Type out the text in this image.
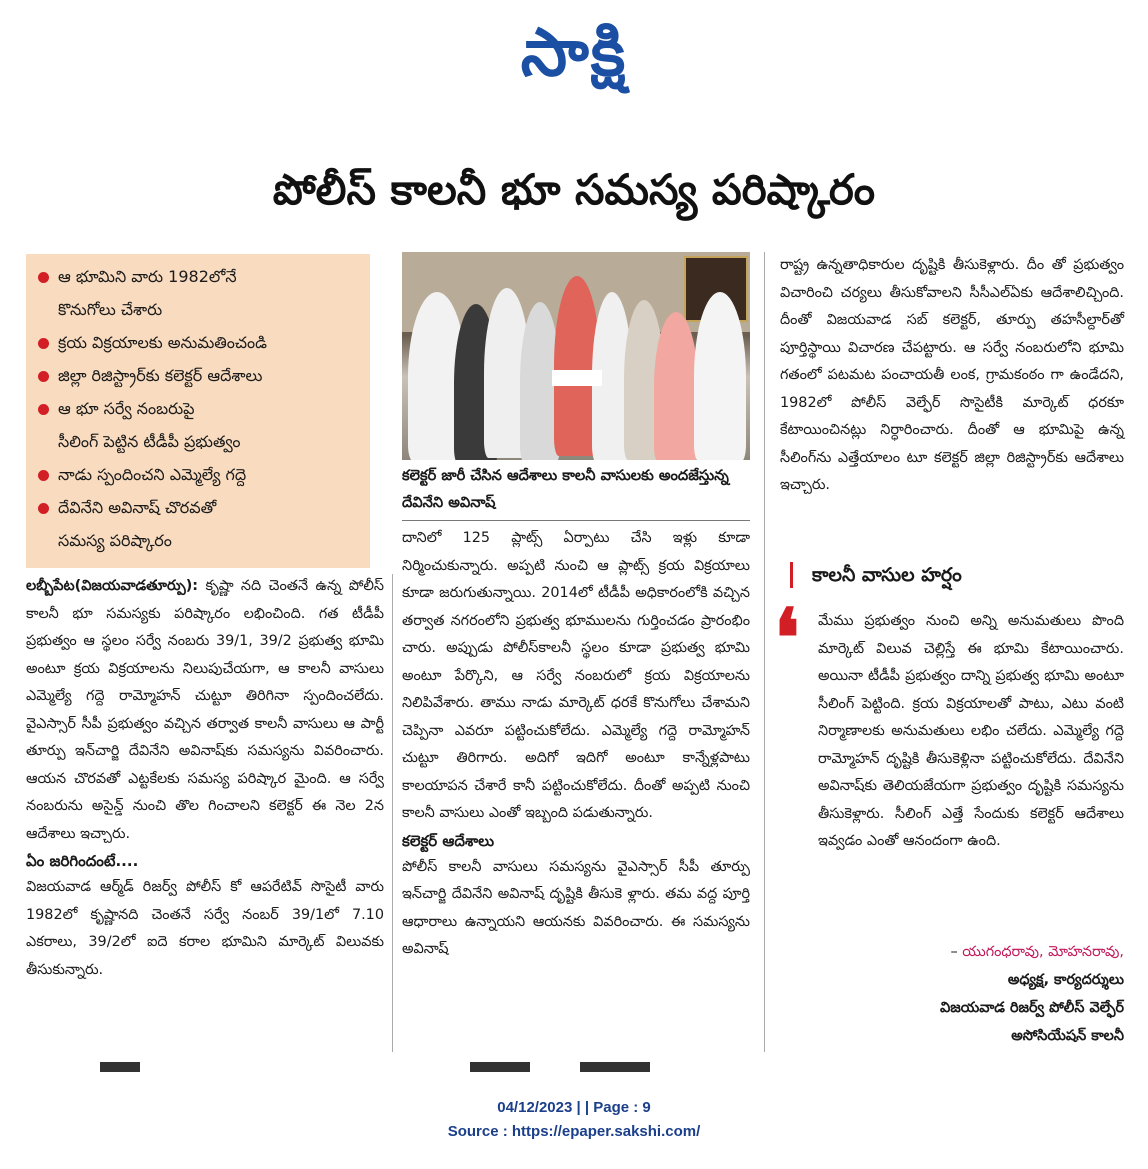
సాక్షి
పోలీస్ కాలనీ భూ సమస్య పరిష్కారం
ఆ భూమిని వారు 1982లోనే
కొనుగోలు చేశారు
క్రయ విక్రయాలకు అనుమతించండి
జిల్లా రిజిస్ట్రార్‌కు కలెక్టర్ ఆదేశాలు
ఆ భూ సర్వే నంబరుపై
సీలింగ్ పెట్టిన టీడీపీ ప్రభుత్వం
నాడు స్పందించని ఎమ్మెల్యే గద్దె
దేవినేని అవినాష్ చొరవతో
సమస్య పరిష్కారం
లబ్బీపేట(విజయవాడతూర్పు): కృష్ణా నది చెంతనే ఉన్న పోలీస్ కాలనీ భూ సమస్యకు పరిష్కారం లభించింది. గత టీడీపీ ప్రభుత్వం ఆ స్థలం సర్వే నంబరు 39/1, 39/2 ప్రభుత్వ భూమి అంటూ క్రయ విక్రయాలను నిలుపుచేయగా, ఆ కాలనీ వాసులు ఎమ్మెల్యే గద్దె రామ్మోహన్ చుట్టూ తిరిగినా స్పందించలేదు. వైఎస్సార్ సీపీ ప్రభుత్వం వచ్చిన తర్వాత కాలనీ వాసులు ఆ పార్టీ తూర్పు ఇన్‌చార్జి దేవినేని అవినాష్‌కు సమస్యను వివరించారు. ఆయన చొరవతో ఎట్టకేలకు సమస్య పరిష్కార మైంది. ఆ సర్వే నంబరును అసైన్డ్ నుంచి తొల గించాలని కలెక్టర్ ఈ నెల 2న ఆదేశాలు ఇచ్చారు.
ఏం జరిగిందంటే....
విజయవాడ ఆర్మ్‌డ్ రిజర్వ్ పోలీస్ కో ఆపరేటివ్ సొసైటీ వారు 1982లో కృష్ణానది చెంతనే సర్వే నంబర్ 39/1లో 7.10 ఎకరాలు, 39/2లో ఐదె కరాల భూమిని మార్కెట్ విలువకు తీసుకున్నారు.
కలెక్టర్ జారీ చేసిన ఆదేశాలు కాలనీ వాసులకు అందజేస్తున్న దేవినేని అవినాష్
దానిలో 125 ప్లాట్స్ ఏర్పాటు చేసి ఇళ్లు కూడా నిర్మించుకున్నారు. అప్పటి నుంచి ఆ ప్లాట్స్ క్రయ విక్రయాలు కూడా జరుగుతున్నాయి. 2014లో టీడీపీ అధికారంలోకి వచ్చిన తర్వాత నగరంలోని ప్రభుత్వ భూములను గుర్తించడం ప్రారంభిం చారు. అప్పుడు పోలీస్‌కాలనీ స్థలం కూడా ప్రభుత్వ భూమి అంటూ పేర్కొని, ఆ సర్వే నంబరులో క్రయ విక్రయాలను నిలిపివేశారు. తాము నాడు మార్కెట్ ధరకే కొనుగోలు చేశామని చెప్పినా ఎవరూ పట్టించుకోలేదు. ఎమ్మెల్యే గద్దె రామ్మోహన్ చుట్టూ తిరిగారు. అదిగో ఇదిగో అంటూ కాన్నేళ్లపాటు కాలయాపన చేశారే కానీ పట్టించుకోలేదు. దీంతో అప్పటి నుంచి కాలనీ వాసులు ఎంతో ఇబ్బంది పడుతున్నారు.
కలెక్టర్ ఆదేశాలు
పోలీస్ కాలనీ వాసులు సమస్యను వైఎస్సార్ సీపీ తూర్పు ఇన్‌చార్జి దేవినేని అవినాష్ దృష్టికి తీసుకె ళ్లారు. తమ వద్ద పూర్తి ఆధారాలు ఉన్నాయని ఆయనకు వివరించారు. ఈ సమస్యను అవినాష్
రాష్ట్ర ఉన్నతాధికారుల దృష్టికి తీసుకెళ్లారు. దీం తో ప్రభుత్వం విచారించి చర్యలు తీసుకోవాలని సీసీఎల్ఏకు ఆదేశాలిచ్చింది. దీంతో విజయవాడ సబ్ కలెక్టర్, తూర్పు తహసీల్దార్‌తో పూర్తిస్థాయి విచారణ చేపట్టారు. ఆ సర్వే నంబరులోని భూమి గతంలో పటమట పంచాయతీ లంక, గ్రామకంఠం గా ఉండేదని, 1982లో పోలీస్ వెల్ఫేర్ సొసైటీకి మార్కెట్ ధరకూ కేటాయించినట్లు నిర్ధారించారు. దీంతో ఆ భూమిపై ఉన్న సీలింగ్‌ను ఎత్తేయాలం టూ కలెక్టర్ జిల్లా రిజిస్ట్రార్‌కు ఆదేశాలు ఇచ్చారు.
కాలనీ వాసుల హర్షం
❛ మేము ప్రభుత్వం నుంచి అన్ని అనుమతులు పొంది మార్కెట్ విలువ చెల్లిస్తే ఈ భూమి కేటాయించారు. అయినా టీడీపీ ప్రభుత్వం దాన్ని ప్రభుత్వ భూమి అంటూ సీలింగ్ పెట్టింది. క్రయ విక్రయాలతో పాటు, ఎటు వంటి నిర్మాణాలకు అనుమతులు లభిం చలేదు. ఎమ్మెల్యే గద్దె రామ్మోహన్ దృష్టికి తీసుకెళ్లినా పట్టించుకోలేదు. దేవినేని అవినాష్‌కు తెలియజేయగా ప్రభుత్వం దృష్టికి సమస్యను తీసుకెళ్లారు. సీలింగ్ ఎత్తే సేందుకు కలెక్టర్ ఆదేశాలు ఇవ్వడం ఎంతో ఆనందంగా ఉంది.
– యుగంధరావు, మోహనరావు,
అధ్యక్ష, కార్యదర్శులు
విజయవాడ రిజర్వ్ పోలీస్ వెల్ఫేర్
అసోసియేషన్ కాలనీ
04/12/2023 | | Page : 9
Source : https://epaper.sakshi.com/
